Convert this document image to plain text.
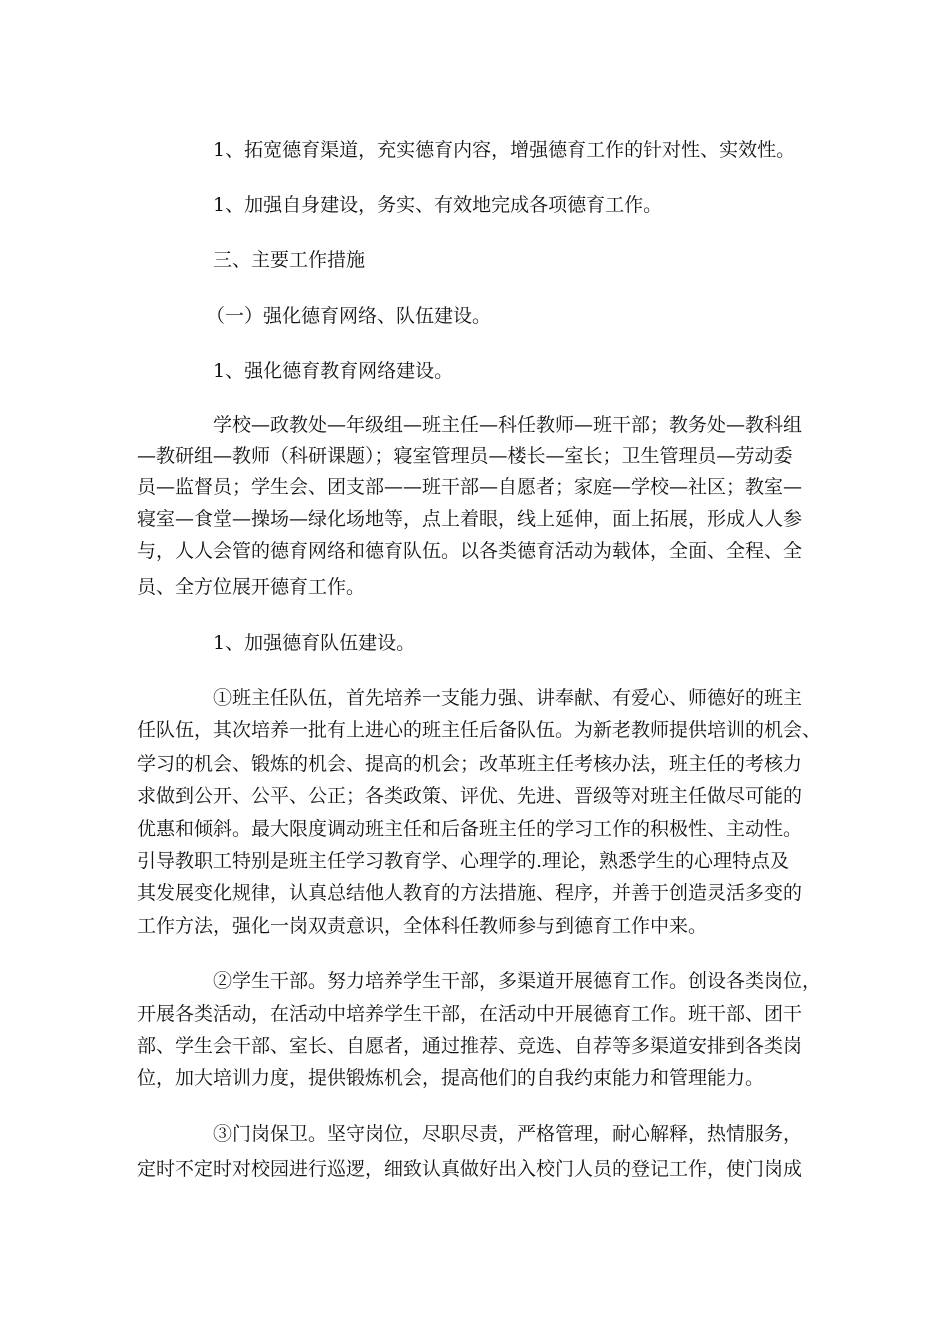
1、拓宽德育渠道，充实德育内容，增强德育工作的针对性、实效性。
1、加强自身建设，务实、有效地完成各项德育工作。
三、主要工作措施
（一）强化德育网络、队伍建设。
1、强化德育教育网络建设。
学校—政教处—年级组—班主任—科任教师—班干部；教务处—教科组
—教研组—教师（科研课题）；寝室管理员—楼长—室长；卫生管理员—劳动委
员—监督员；学生会、团支部——班干部—自愿者；家庭—学校—社区；教室—
寝室—食堂—操场—绿化场地等，点上着眼，线上延伸，面上拓展，形成人人参
与，人人会管的德育网络和德育队伍。以各类德育活动为载体，全面、全程、全
员、全方位展开德育工作。
1、加强德育队伍建设。
①班主任队伍，首先培养一支能力强、讲奉献、有爱心、师德好的班主
任队伍，其次培养一批有上进心的班主任后备队伍。为新老教师提供培训的机会、
学习的机会、锻炼的机会、提高的机会；改革班主任考核办法，班主任的考核力
求做到公开、公平、公正；各类政策、评优、先进、晋级等对班主任做尽可能的
优惠和倾斜。最大限度调动班主任和后备班主任的学习工作的积极性、主动性。
引导教职工特别是班主任学习教育学、心理学的.理论，熟悉学生的心理特点及
其发展变化规律，认真总结他人教育的方法措施、程序，并善于创造灵活多变的
工作方法，强化一岗双责意识，全体科任教师参与到德育工作中来。
②学生干部。努力培养学生干部，多渠道开展德育工作。创设各类岗位，
开展各类活动，在活动中培养学生干部，在活动中开展德育工作。班干部、团干
部、学生会干部、室长、自愿者，通过推荐、竞选、自荐等多渠道安排到各类岗
位，加大培训力度，提供锻炼机会，提高他们的自我约束能力和管理能力。
③门岗保卫。坚守岗位，尽职尽责，严格管理，耐心解释，热情服务，
定时不定时对校园进行巡逻，细致认真做好出入校门人员的登记工作，使门岗成
